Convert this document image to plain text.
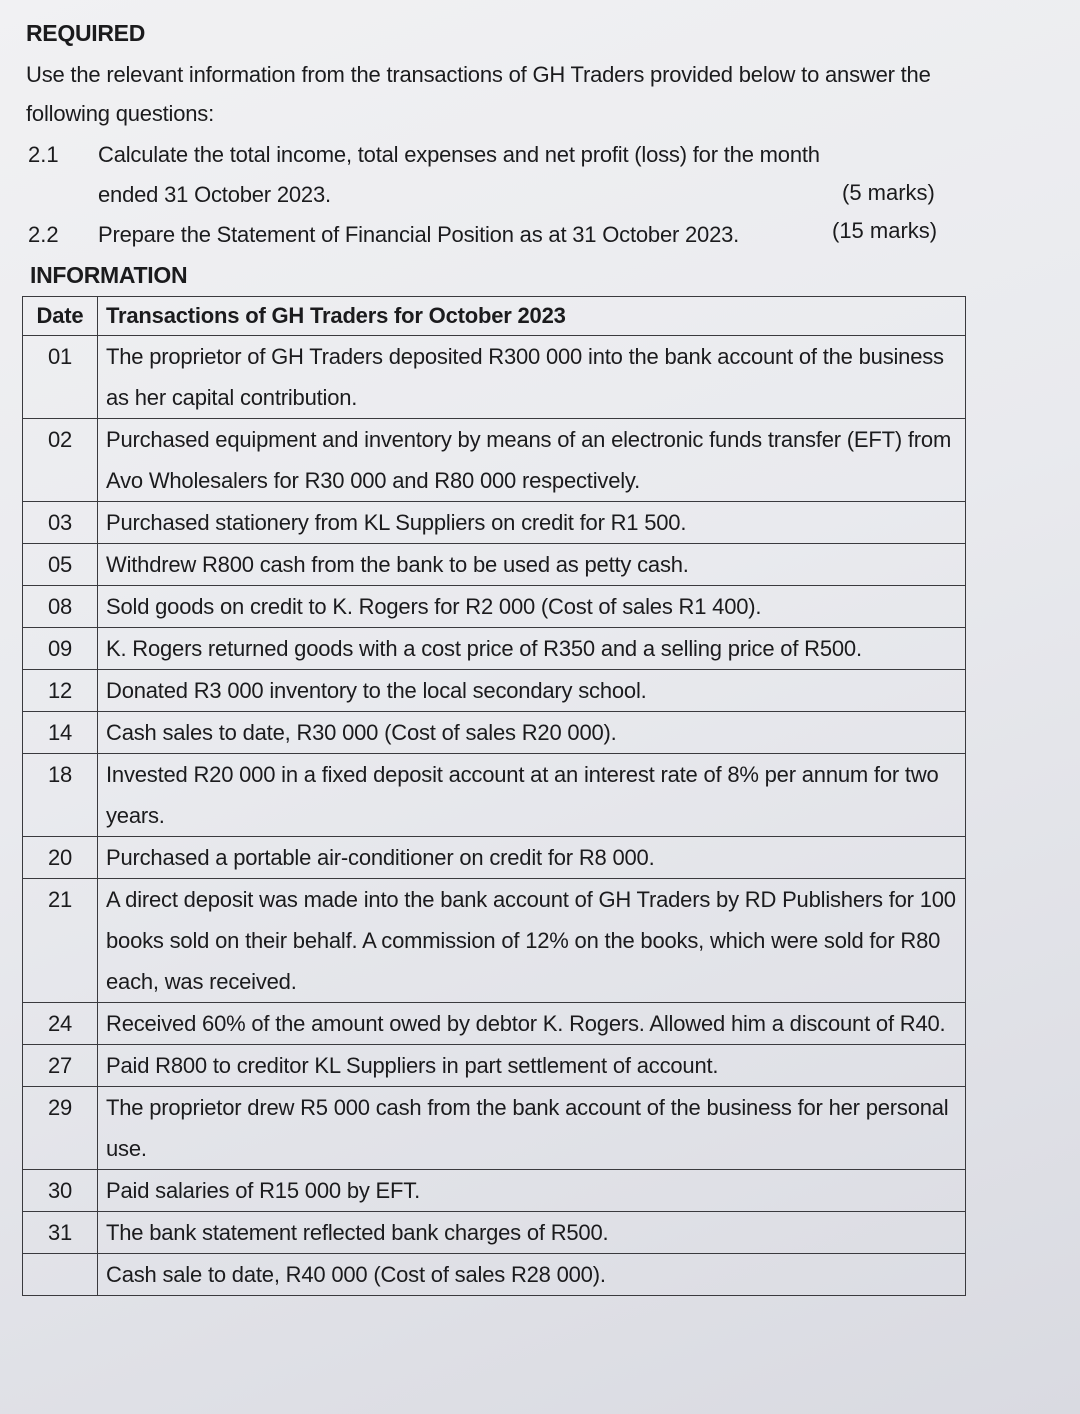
REQUIRED
Use the relevant information from the transactions of GH Traders provided below to answer the
following questions:
2.1 Calculate the total income, total expenses and net profit (loss) for the month
ended 31 October 2023.	(5 marks)
2.2 Prepare the Statement of Financial Position as at 31 October 2023.	(15 marks)
INFORMATION
Date	Transactions of GH Traders for October 2023
01	The proprietor of GH Traders deposited R300 000 into the bank account of the business as her capital contribution.
02	Purchased equipment and inventory by means of an electronic funds transfer (EFT) from Avo Wholesalers for R30 000 and R80 000 respectively.
03	Purchased stationery from KL Suppliers on credit for R1 500.
05	Withdrew R800 cash from the bank to be used as petty cash.
08	Sold goods on credit to K. Rogers for R2 000 (Cost of sales R1 400).
09	K. Rogers returned goods with a cost price of R350 and a selling price of R500.
12	Donated R3 000 inventory to the local secondary school.
14	Cash sales to date, R30 000 (Cost of sales R20 000).
18	Invested R20 000 in a fixed deposit account at an interest rate of 8% per annum for two years.
20	Purchased a portable air-conditioner on credit for R8 000.
21	A direct deposit was made into the bank account of GH Traders by RD Publishers for 100 books sold on their behalf. A commission of 12% on the books, which were sold for R80 each, was received.
24	Received 60% of the amount owed by debtor K. Rogers. Allowed him a discount of R40.
27	Paid R800 to creditor KL Suppliers in part settlement of account.
29	The proprietor drew R5 000 cash from the bank account of the business for her personal use.
30	Paid salaries of R15 000 by EFT.
31	The bank statement reflected bank charges of R500.
	Cash sale to date, R40 000 (Cost of sales R28 000).
